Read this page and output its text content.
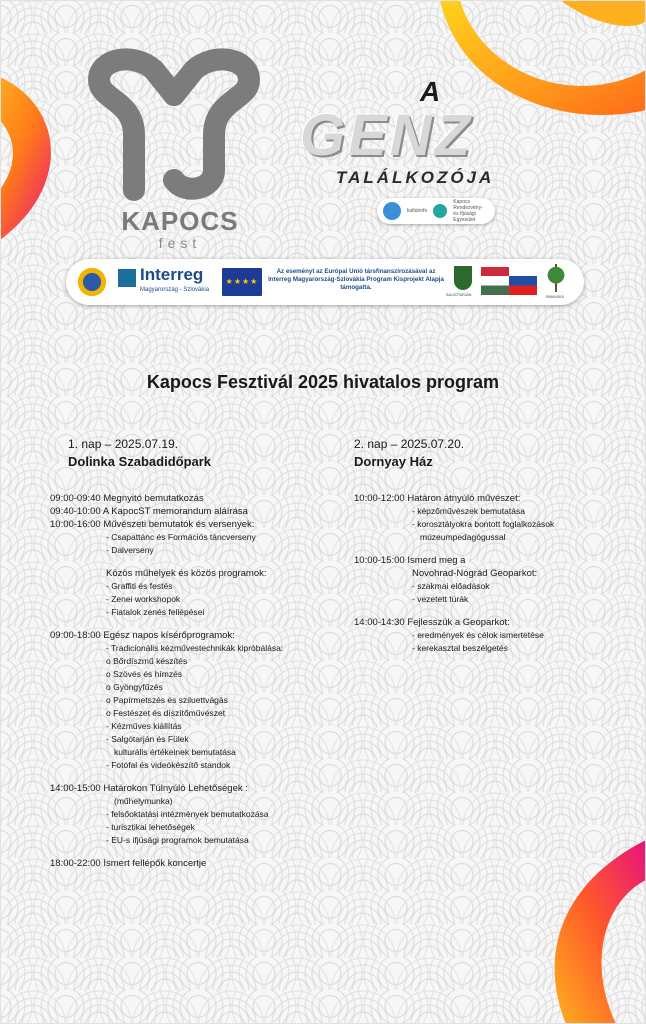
KAPOCS
fest
A
GENZ
TALÁLKOZÓJA
kultúrinfo
Kapocs Rendezvény- és Ifjúsági Egyesület
Interreg
Magyarország - Szlovákia
★★★★
Az eseményt az Európai Unió társfinanszírozásával az Interreg Magyarország-Szlovákia Program Kisprojekt Alapja támogatta.
SALGÓTARJÁN	RIMAVSKÁ
Kapocs Fesztivál 2025 hivatalos program
1. nap – 2025.07.19.
Dolinka Szabadidőpark
2. nap – 2025.07.20.
Dornyay Ház
09:00-09:40 Megnyitó bemutatkozás
09:40-10:00 A KapocST memorandum aláírása
10:00-16:00 Művészeti bemutatók és versenyek:
- Csapattánc és Formációs táncverseny
- Dalverseny
Közös műhelyek és közös programok:
- Graffiti és festés
- Zenei workshopok
- Fiatalok zenés fellépései
09:00-18:00 Egész napos kísérőprogramok:
- Tradicionális kézművestechnikák kipróbálása:
o Bőrdíszmű készítés
o Szövés és hímzés
o Gyöngyfűzés
o Papírmetszés és sziluettvágás
o Festészet és díszítőművészet
- Kézműves kiállítás
- Salgótarján és Fülek
kulturális értékeinek bemutatása
- Fotófal és videókészítő standok
14:00-15:00 Határokon Túlnyúló Lehetőségek :
(műhelymunka)
- felsőoktatási intézmények bemutatkozása
- turisztikai lehetőségek
- EU-s ifjúsági programok bemutatása
18:00-22:00 Ismert fellépők koncertje
10:00-12:00 Határon átnyúló művészet:
- képzőművészek bemutatása
- korosztályokra bontott foglalkozások
múzeumpedagógussal
10:00-15:00 Ismerd meg a
Novohrad-Nógrád Geoparkot:
- szakmai előadások
- vezetett túrák
14:00-14:30 Fejlesszük a Geoparkot:
- eredmények és célok ismertetése
- kerekasztal beszélgetés
